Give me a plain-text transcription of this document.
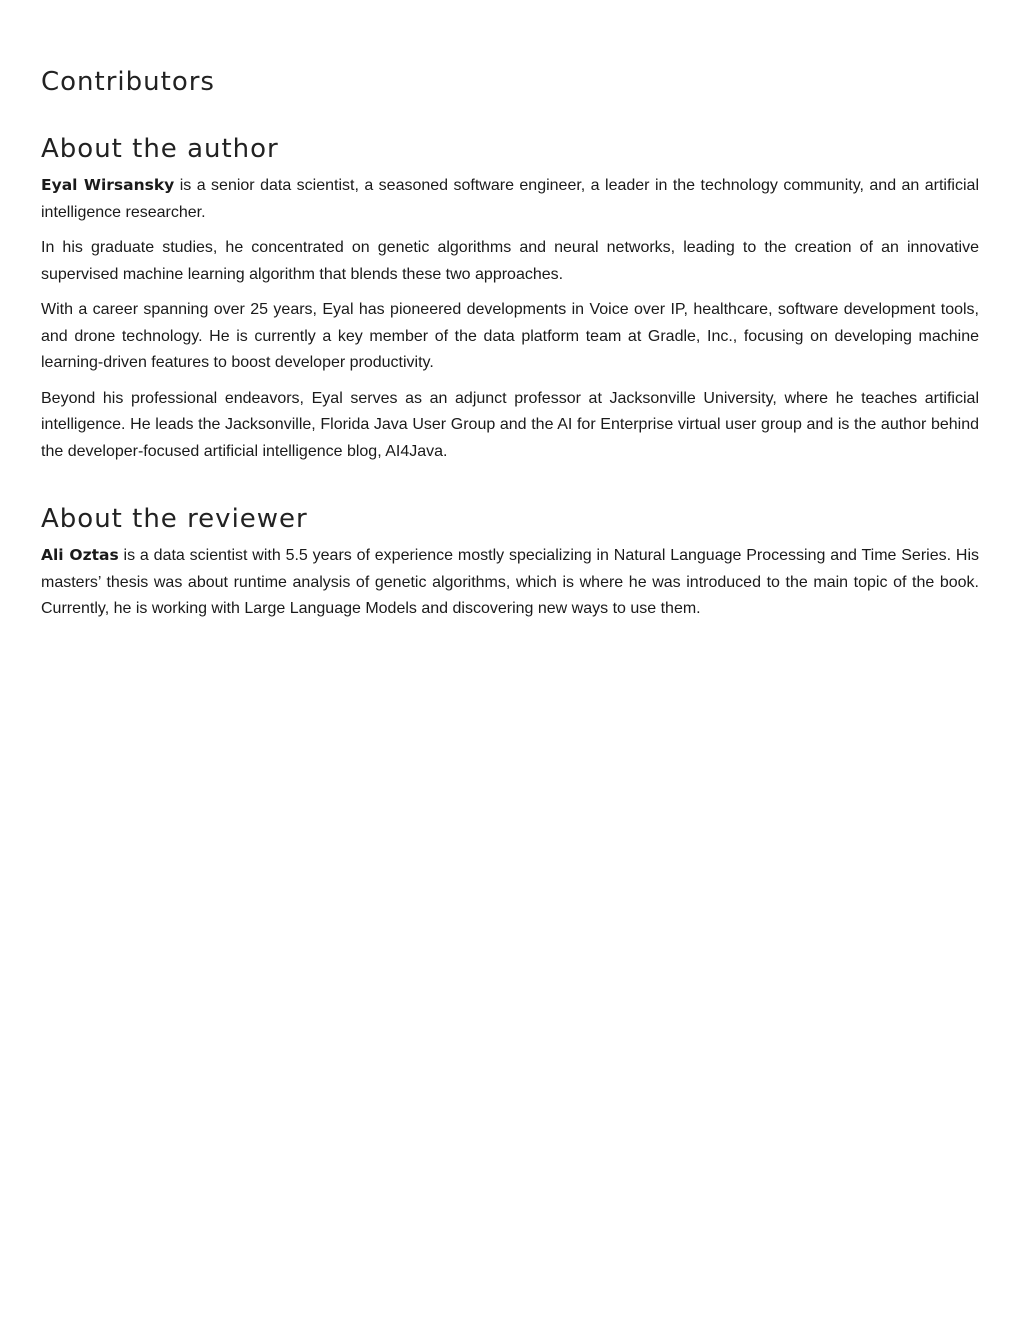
Contributors
About the author

Eyal Wirsansky is a senior data scientist, a seasoned software engineer, a leader in the technology community, and an artificial intelligence researcher.

In his graduate studies, he concentrated on genetic algorithms and neural networks, leading to the creation of an innovative supervised machine learning algorithm that blends these two approaches.

With a career spanning over 25 years, Eyal has pioneered developments in Voice over IP, healthcare, software development tools, and drone technology. He is currently a key member of the data platform team at Gradle, Inc., focusing on developing machine learning-driven features to boost developer productivity.

Beyond his professional endeavors, Eyal serves as an adjunct professor at Jacksonville University, where he teaches artificial intelligence. He leads the Jacksonville, Florida Java User Group and the AI for Enterprise virtual user group and is the author behind the developer-focused artificial intelligence blog, AI4Java.

About the reviewer

Ali Oztas is a data scientist with 5.5 years of experience mostly specializing in Natural Language Processing and Time Series. His masters’ thesis was about runtime analysis of genetic algorithms, which is where he was introduced to the main topic of the book. Currently, he is working with Large Language Models and discovering new ways to use them.
